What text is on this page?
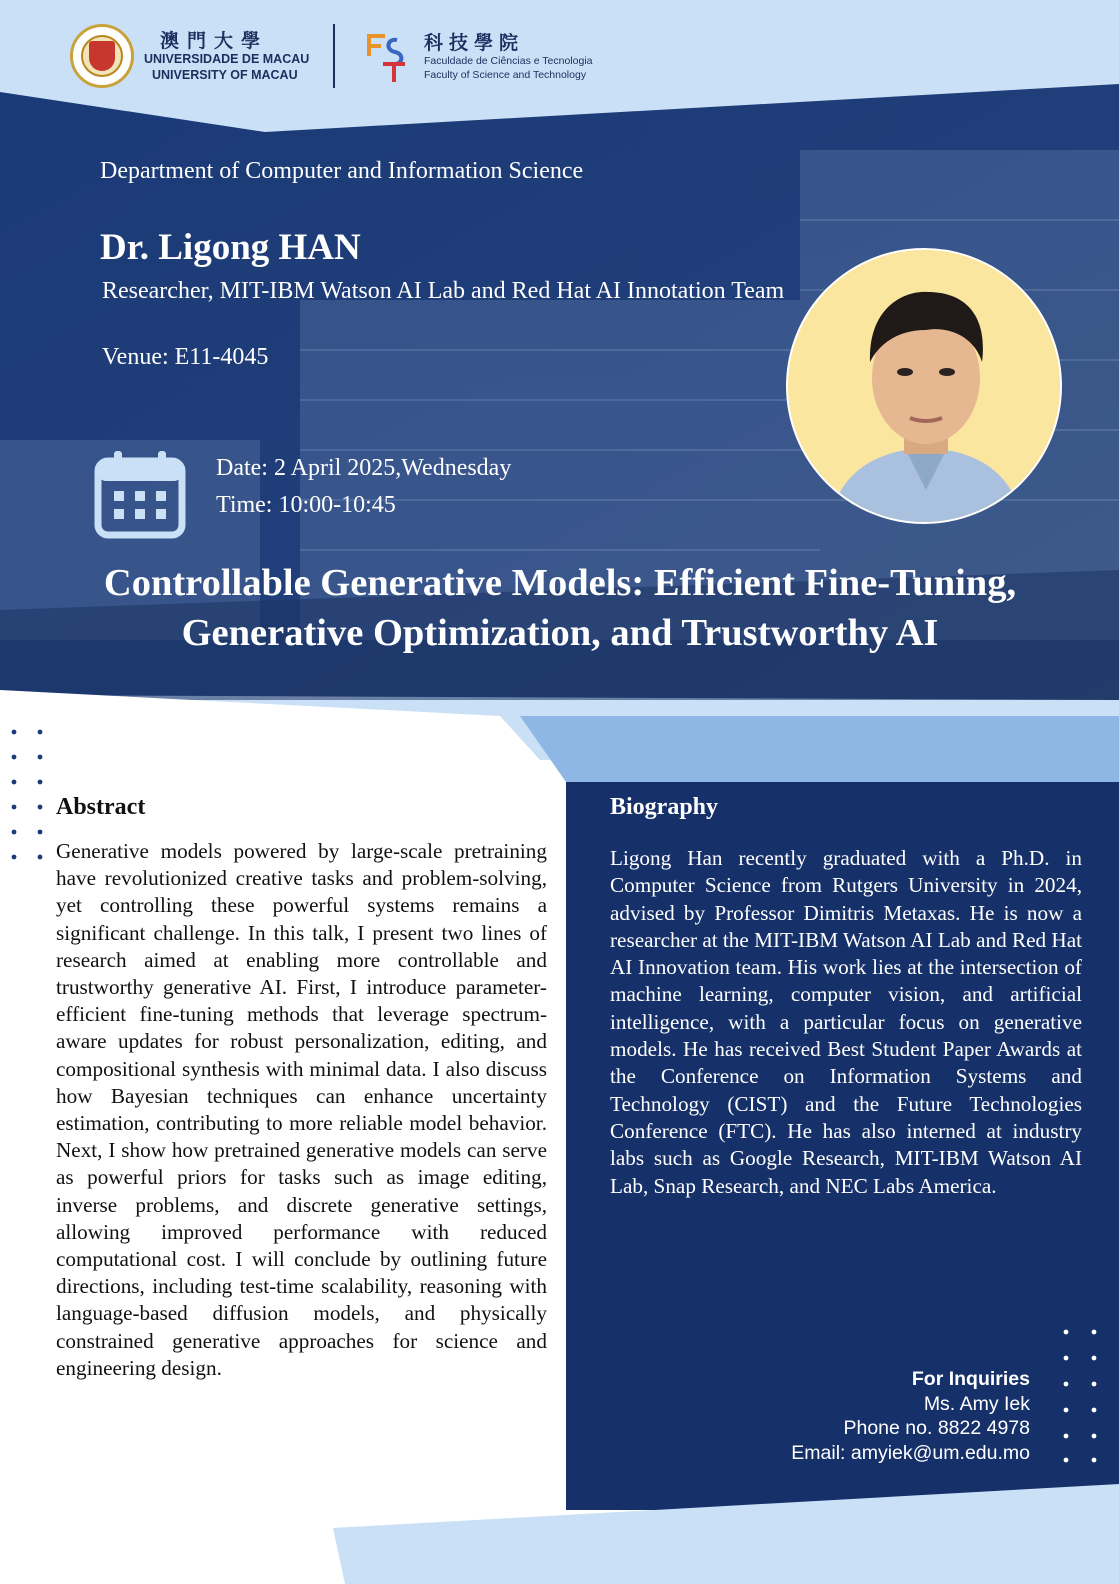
澳門大學
UNIVERSIDADE DE MACAU
UNIVERSITY OF MACAU
科技學院
Faculdade de Ciências e Tecnologia
Faculty of Science and Technology
Department of Computer and Information Science
Dr. Ligong HAN
Researcher, MIT-IBM Watson AI Lab and Red Hat AI Innotation Team
Venue: E11-4045
Date: 2 April 2025,Wednesday
Time: 10:00-10:45
Controllable Generative Models: Efficient Fine-Tuning,
Generative Optimization, and Trustworthy AI
Abstract
Generative models powered by large-scale pretraining have revolutionized creative tasks and problem-solving, yet controlling these powerful systems remains a significant challenge. In this talk, I present two lines of research aimed at enabling more controllable and trustworthy generative AI. First, I introduce parameter-efficient fine-tuning methods that leverage spectrum-aware updates for robust personalization, editing, and compositional synthesis with minimal data. I also discuss how Bayesian techniques can enhance uncertainty estimation, contributing to more reliable model behavior. Next, I show how pretrained generative models can serve as powerful priors for tasks such as image editing, inverse problems, and discrete generative settings, allowing improved performance with reduced computational cost. I will conclude by outlining future directions, including test-time scalability, reasoning with language-based diffusion models, and physically constrained generative approaches for science and engineering design.
Biography
Ligong Han recently graduated with a Ph.D. in Computer Science from Rutgers University in 2024, advised by Professor Dimitris Metaxas. He is now a researcher at the MIT-IBM Watson AI Lab and Red Hat AI Innovation team. His work lies at the intersection of machine learning, computer vision, and artificial intelligence, with a particular focus on generative models. He has received Best Student Paper Awards at the Conference on Information Systems and Technology (CIST) and the Future Technologies Conference (FTC). He has also interned at industry labs such as Google Research, MIT-IBM Watson AI Lab, Snap Research, and NEC Labs America.
For Inquiries
Ms. Amy Iek
Phone no. 8822 4978
Email: amyiek@um.edu.mo
